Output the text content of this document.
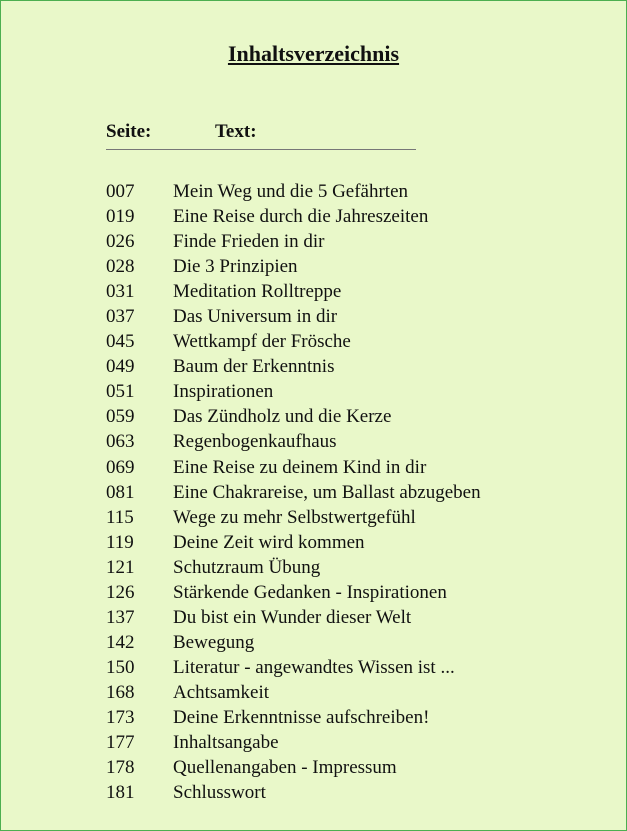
Inhaltsverzeichnis
Seite:	Text:
007 Mein Weg und die 5 Gefährten
019 Eine Reise durch die Jahreszeiten
026 Finde Frieden in dir
028 Die 3 Prinzipien
031 Meditation Rolltreppe
037 Das Universum in dir
045 Wettkampf der Frösche
049 Baum der Erkenntnis
051 Inspirationen
059 Das Zündholz und die Kerze
063 Regenbogenkaufhaus
069 Eine Reise zu deinem Kind in dir
081 Eine Chakrareise, um Ballast abzugeben
115 Wege zu mehr Selbstwertgefühl
119 Deine Zeit wird kommen
121 Schutzraum Übung
126 Stärkende Gedanken - Inspirationen
137 Du bist ein Wunder dieser Welt
142 Bewegung
150 Literatur - angewandtes Wissen ist ...
168 Achtsamkeit
173 Deine Erkenntnisse aufschreiben!
177 Inhaltsangabe
178 Quellenangaben - Impressum
181 Schlusswort
